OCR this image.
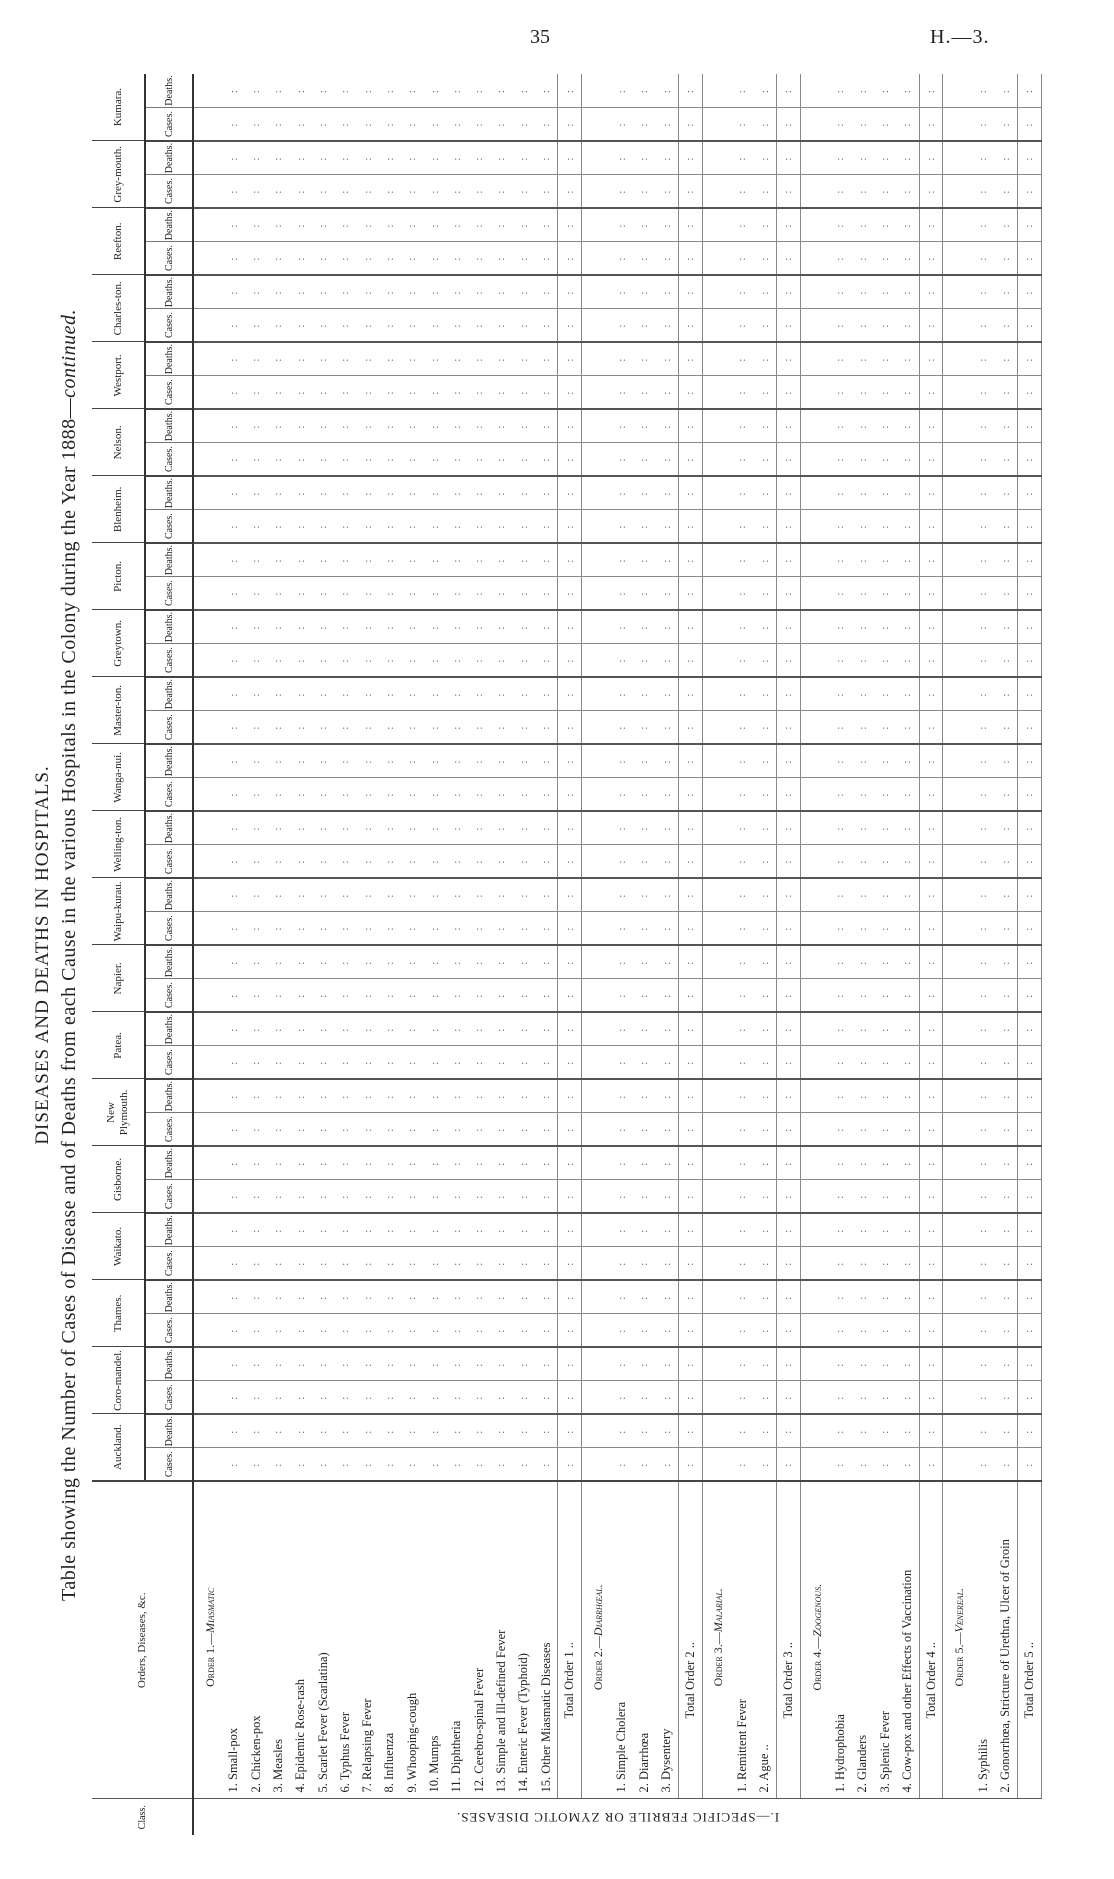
35	H.—3.
DISEASES AND DEATHS IN HOSPITALS. Table showing the Number of Cases of Disease and of Deaths from each Cause in the various Hospitals in the Colony during the Year 1888—continued.
Class.	Orders, Diseases, &c.	Auckland.		Coro-mandel.		Thames.		Waikato.		Gisborne.		New Plymouth.		Patea.		Napier.		Waipu-kurau.		Welling-ton.		Wanga-nui.		Master-ton.		Greytown.		Picton.		Blenheim.		Nelson.		Westport.		Charles-ton.		Reefton.		Grey-mouth.		Kumara.	
		Cases.	Deaths.	Cases.	Deaths.	Cases.	Deaths.	Cases.	Deaths.	Cases.	Deaths.	Cases.	Deaths.	Cases.	Deaths.	Cases.	Deaths.	Cases.	Deaths.	Cases.	Deaths.	Cases.	Deaths.	Cases.	Deaths.	Cases.	Deaths.	Cases.	Deaths.	Cases.	Deaths.	Cases.	Deaths.	Cases.	Deaths.	Cases.	Deaths.	Cases.	Deaths.	Cases.	Deaths.	Cases.	Deaths.

I.—SPECIFIC FEBRILE OR ZYMOTIC DISEASES.	Order 1.—Miasmatic																																										
	1. Small-pox	:	:	:	:	:	:	:	:	:	:	:	:	:	:	:	:	:	:	:	:	:	:	:	:	:	:	:	:	:	:	:	:	:	:	:	:	:	:	:	:	:	:
	2. Chicken-pox	:	:	:	:	:	:	:	:	:	:	:	:	:	:	:	:	:	:	:	:	:	:	:	:	:	:	:	:	:	:	:	:	:	:	:	:	:	:	:	:	:	:
	3. Measles	:	:	:	:	:	:	:	:	:	:	:	:	:	:	:	:	:	:	:	:	:	:	:	:	:	:	:	:	:	:	:	:	:	:	:	:	:	:	:	:	:	:
	4. Epidemic Rose-rash	:	:	:	:	:	:	:	:	:	:	:	:	:	:	:	:	:	:	:	:	:	:	:	:	:	:	:	:	:	:	:	:	:	:	:	:	:	:	:	:	:	:
	5. Scarlet Fever (Scarlatina)	:	:	:	:	:	:	:	:	:	:	:	:	:	:	:	:	:	:	:	:	:	:	:	:	:	:	:	:	:	:	:	:	:	:	:	:	:	:	:	:	:	:
	6. Typhus Fever	:	:	:	:	:	:	:	:	:	:	:	:	:	:	:	:	:	:	:	:	:	:	:	:	:	:	:	:	:	:	:	:	:	:	:	:	:	:	:	:	:	:
	7. Relapsing Fever	:	:	:	:	:	:	:	:	:	:	:	:	:	:	:	:	:	:	:	:	:	:	:	:	:	:	:	:	:	:	:	:	:	:	:	:	:	:	:	:	:	:
	8. Influenza	:	:	:	:	:	:	:	:	:	:	:	:	:	:	:	:	:	:	:	:	:	:	:	:	:	:	:	:	:	:	:	:	:	:	:	:	:	:	:	:	:	:
	9. Whooping-cough	:	:	:	:	:	:	:	:	:	:	:	:	:	:	:	:	:	:	:	:	:	:	:	:	:	:	:	:	:	:	:	:	:	:	:	:	:	:	:	:	:	:
	10. Mumps	:	:	:	:	:	:	:	:	:	:	:	:	:	:	:	:	:	:	:	:	:	:	:	:	:	:	:	:	:	:	:	:	:	:	:	:	:	:	:	:	:	:
	11. Diphtheria	:	:	:	:	:	:	:	:	:	:	:	:	:	:	:	:	:	:	:	:	:	:	:	:	:	:	:	:	:	:	:	:	:	:	:	:	:	:	:	:	:	:
	12. Cerebro-spinal Fever	:	:	:	:	:	:	:	:	:	:	:	:	:	:	:	:	:	:	:	:	:	:	:	:	:	:	:	:	:	:	:	:	:	:	:	:	:	:	:	:	:	:
	13. Simple and Ill-defined Fever	:	:	:	:	:	:	:	:	:	:	:	:	:	:	:	:	:	:	:	:	:	:	:	:	:	:	:	:	:	:	:	:	:	:	:	:	:	:	:	:	:	:
	14. Enteric Fever (Typhoid)	:	:	:	:	:	:	:	:	:	:	:	:	:	:	:	:	:	:	:	:	:	:	:	:	:	:	:	:	:	:	:	:	:	:	:	:	:	:	:	:	:	:
	15. Other Miasmatic Diseases	:	:	:	:	:	:	:	:	:	:	:	:	:	:	:	:	:	:	:	:	:	:	:	:	:	:	:	:	:	:	:	:	:	:	:	:	:	:	:	:	:	:
	Total Order 1 ..	:	:	:	:	:	:	:	:	:	:	:	:	:	:	:	:	:	:	:	:	:	:	:	:	:	:	:	:	:	:	:	:	:	:	:	:	:	:	:	:	:	:
	Order 2.—Diarrhœal.																																										
	1. Simple Cholera	:	:	:	:	:	:	:	:	:	:	:	:	:	:	:	:	:	:	:	:	:	:	:	:	:	:	:	:	:	:	:	:	:	:	:	:	:	:	:	:	:	:
	2. Diarrhœa	:	:	:	:	:	:	:	:	:	:	:	:	:	:	:	:	:	:	:	:	:	:	:	:	:	:	:	:	:	:	:	:	:	:	:	:	:	:	:	:	:	:
	3. Dysentery	:	:	:	:	:	:	:	:	:	:	:	:	:	:	:	:	:	:	:	:	:	:	:	:	:	:	:	:	:	:	:	:	:	:	:	:	:	:	:	:	:	:
	Total Order 2 ..	:	:	:	:	:	:	:	:	:	:	:	:	:	:	:	:	:	:	:	:	:	:	:	:	:	:	:	:	:	:	:	:	:	:	:	:	:	:	:	:	:	:
	Order 3.—Malarial.																																										
	1. Remittent Fever	:	:	:	:	:	:	:	:	:	:	:	:	:	:	:	:	:	:	:	:	:	:	:	:	:	:	:	:	:	:	:	:	:	:	:	:	:	:	:	:	:	:
	2. Ague ..	:	:	:	:	:	:	:	:	:	:	:	:	:	:	:	:	:	:	:	:	:	:	:	:	:	:	:	:	:	:	:	:	:	:	:	:	:	:	:	:	:	:
	Total Order 3 ..	:	:	:	:	:	:	:	:	:	:	:	:	:	:	:	:	:	:	:	:	:	:	:	:	:	:	:	:	:	:	:	:	:	:	:	:	:	:	:	:	:	:
	Order 4.—Zoogenous.																																										
	1. Hydrophobia	:	:	:	:	:	:	:	:	:	:	:	:	:	:	:	:	:	:	:	:	:	:	:	:	:	:	:	:	:	:	:	:	:	:	:	:	:	:	:	:	:	:
	2. Glanders	:	:	:	:	:	:	:	:	:	:	:	:	:	:	:	:	:	:	:	:	:	:	:	:	:	:	:	:	:	:	:	:	:	:	:	:	:	:	:	:	:	:
	3. Splenic Fever	:	:	:	:	:	:	:	:	:	:	:	:	:	:	:	:	:	:	:	:	:	:	:	:	:	:	:	:	:	:	:	:	:	:	:	:	:	:	:	:	:	:
	4. Cow-pox and other Effects of Vaccination	:	:	:	:	:	:	:	:	:	:	:	:	:	:	:	:	:	:	:	:	:	:	:	:	:	:	:	:	:	:	:	:	:	:	:	:	:	:	:	:	:	:
	Total Order 4 ..	:	:	:	:	:	:	:	:	:	:	:	:	:	:	:	:	:	:	:	:	:	:	:	:	:	:	:	:	:	:	:	:	:	:	:	:	:	:	:	:	:	:
	Order 5.—Venereal.																																										
	1. Syphilis	:	:	:	:	:	:	:	:	:	:	:	:	:	:	:	:	:	:	:	:	:	:	:	:	:	:	:	:	:	:	:	:	:	:	:	:	:	:	:	:	:	:
	2. Gonorrhœa, Stricture of Urethra, Ulcer of Groin	:	:	:	:	:	:	:	:	:	:	:	:	:	:	:	:	:	:	:	:	:	:	:	:	:	:	:	:	:	:	:	:	:	:	:	:	:	:	:	:	:	:
	Total Order 5 ..	:	:	:	:	:	:	:	:	:	:	:	:	:	:	:	:	:	:	:	:	:	:	:	:	:	:	:	:	:	:	:	:	:	:	:	:	:	:	:	:	:	:
